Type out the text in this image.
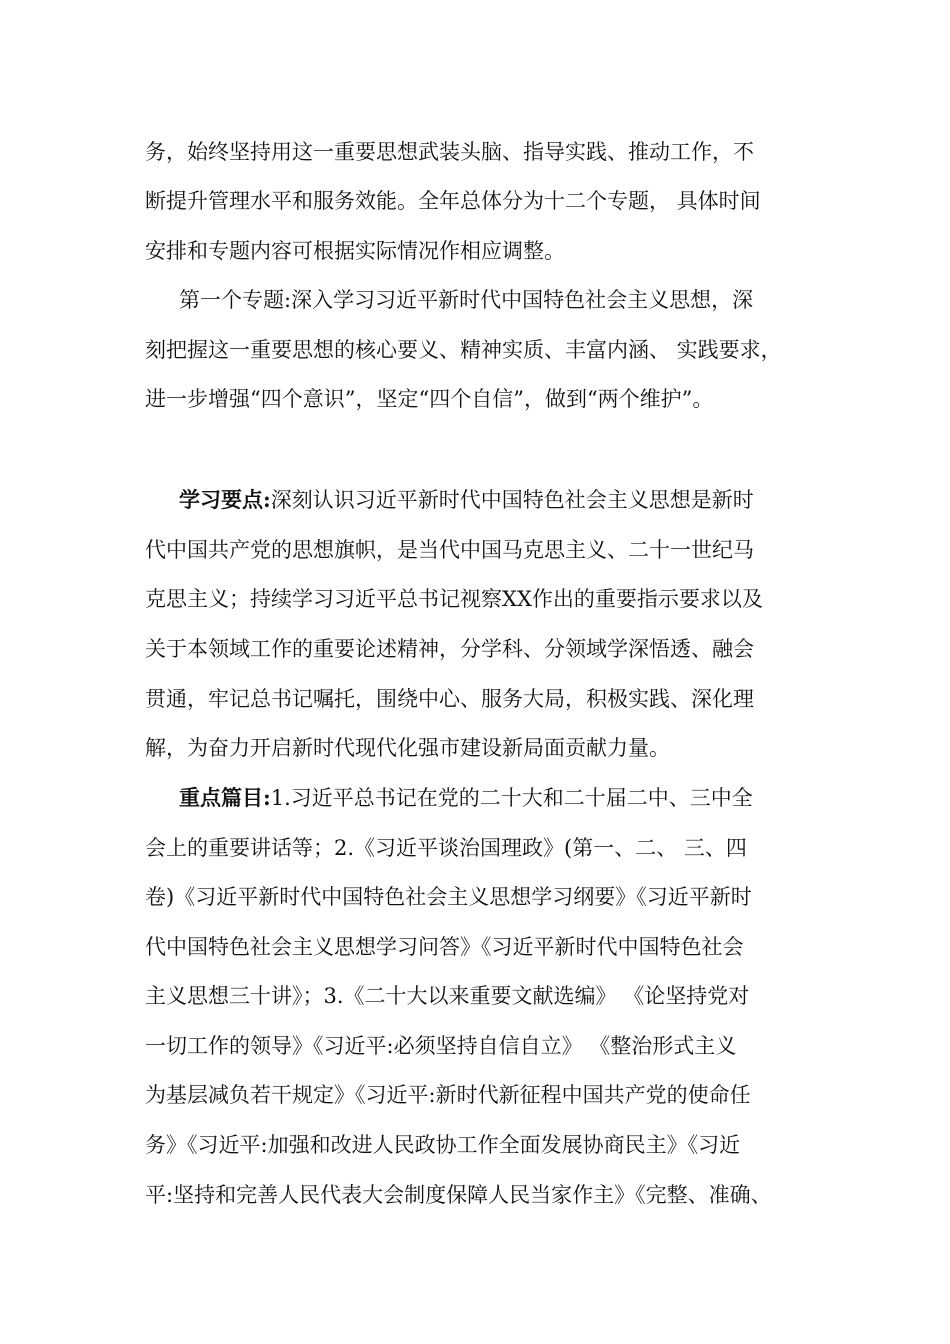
务，始终坚持用这一重要思想武装头脑、指导实践、推动工作，不
断提升管理水平和服务效能。全年总体分为十二个专题， 具体时间
安排和专题内容可根据实际情况作相应调整。
第一个专题:深入学习习近平新时代中国特色社会主义思想，深
刻把握这一重要思想的核心要义、精神实质、丰富内涵、 实践要求，
进一步增强“四个意识”，坚定“四个自信”，做到“两个维护”。
学习要点:深刻认识习近平新时代中国特色社会主义思想是新时
代中国共产党的思想旗帜，是当代中国马克思主义、二十一世纪马
克思主义；持续学习习近平总书记视察XX作出的重要指示要求以及
关于本领域工作的重要论述精神，分学科、分领域学深悟透、融会
贯通，牢记总书记嘱托，围绕中心、服务大局，积极实践、深化理
解，为奋力开启新时代现代化强市建设新局面贡献力量。
重点篇目:1.习近平总书记在党的二十大和二十届二中、三中全
会上的重要讲话等；2.《习近平谈治国理政》(第一、二、 三、四
卷)《习近平新时代中国特色社会主义思想学习纲要》《习近平新时
代中国特色社会主义思想学习问答》《习近平新时代中国特色社会
主义思想三十讲》；3.《二十大以来重要文献选编》 《论坚持党对
一切工作的领导》《习近平:必须坚持自信自立》 《整治形式主义
为基层减负若干规定》《习近平:新时代新征程中国共产党的使命任
务》《习近平:加强和改进人民政协工作全面发展协商民主》《习近
平:坚持和完善人民代表大会制度保障人民当家作主》《完整、准确、
